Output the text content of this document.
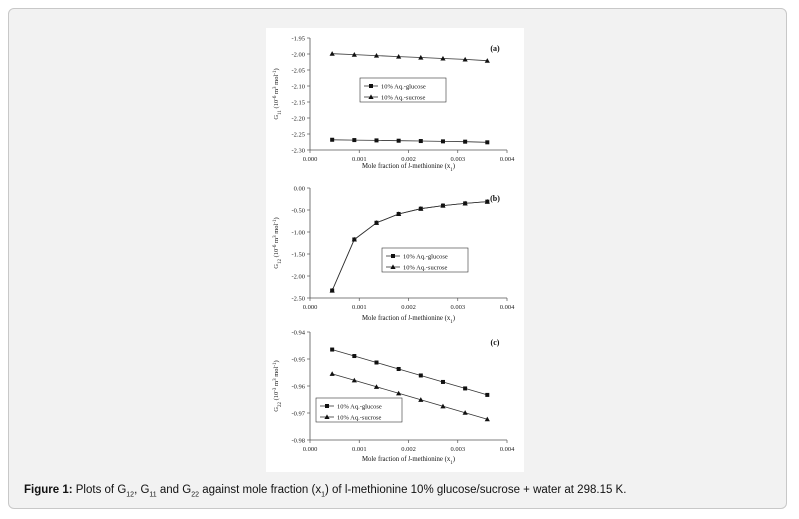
0.000	0.001	0.002	0.003	0.004
-1.95
-2.00
-2.05
-2.10
-2.15
-2.20
-2.25
-2.30
(a)
Mole fraction of l-methionine $(x_1)$
$G_{11}$ ($10^{-6}$ $m^3$ mol$^{-1}$)
10% Aq.-glucose
10% Aq.-sucrose
0.000	0.001	0.002	0.003	0.004
0.00
-0.50
-1.00
-1.50
-2.00
-2.50
(b)
Mole fraction of l-methionine $(x_1)$
$G_{12}$ ($10^{-6}$ $m^3$ mol$^{-1}$)
10% Aq.-glucose
10% Aq.-sucrose
0.000	0.001	0.002	0.003	0.004
-0.94
-0.95
-0.96
-0.97
-0.98
(c)
Mole fraction of l-methionine $(x_1)$
$G_{22}$ ($10^{-3}$ $m^3$ mol$^{-1}$)
10% Aq.-glucose
10% Aq.-sucrose
Figure 1: Plots of $G_{12}$, $G_{11}$ and $G_{22}$ against mole fraction $(x_1)$ of l-methionine 10% glucose/sucrose + water at 298.15 K.
